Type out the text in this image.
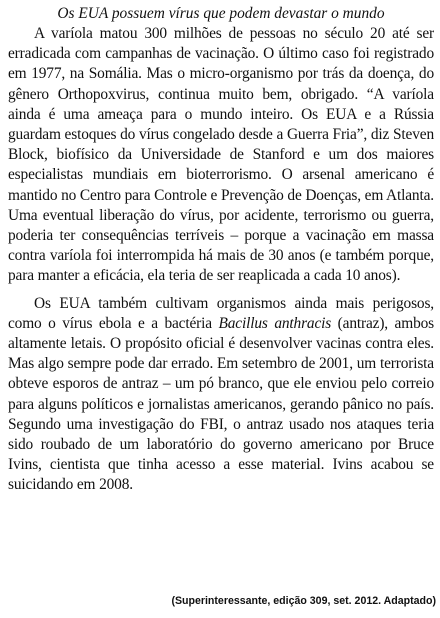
Os EUA possuem vírus que podem devastar o mundo

A varíola matou 300 milhões de pessoas no século 20 até ser erradicada com campanhas de vacinação. O último caso foi registrado em 1977, na Somália. Mas o micro-organismo por trás da doença, do gênero Orthopoxvirus, continua muito bem, obrigado. “A varíola ainda é uma ameaça para o mundo inteiro. Os EUA e a Rússia guardam estoques do vírus congelado desde a Guerra Fria”, diz Steven Block, biofísico da Universidade de Stanford e um dos maiores especialistas mundiais em bioterrorismo. O arsenal americano é mantido no Centro para Controle e Prevenção de Doenças, em Atlanta. Uma eventual liberação do vírus, por acidente, terrorismo ou guerra, poderia ter consequências terríveis – porque a vacinação em massa contra varíola foi interrompida há mais de 30 anos (e também porque, para manter a eficácia, ela teria de ser reaplicada a cada 10 anos).

Os EUA também cultivam organismos ainda mais perigosos, como o vírus ebola e a bactéria Bacillus anthracis (antraz), ambos altamente letais. O propósito oficial é desenvolver vacinas contra eles. Mas algo sempre pode dar errado. Em setembro de 2001, um terrorista obteve esporos de antraz – um pó branco, que ele enviou pelo correio para alguns políticos e jornalistas americanos, gerando pânico no país. Segundo uma investigação do FBI, o antraz usado nos ataques teria sido roubado de um laboratório do governo americano por Bruce Ivins, cientista que tinha acesso a esse material. Ivins acabou se suicidando em 2008.

(Superinteressante, edição 309, set. 2012. Adaptado)
